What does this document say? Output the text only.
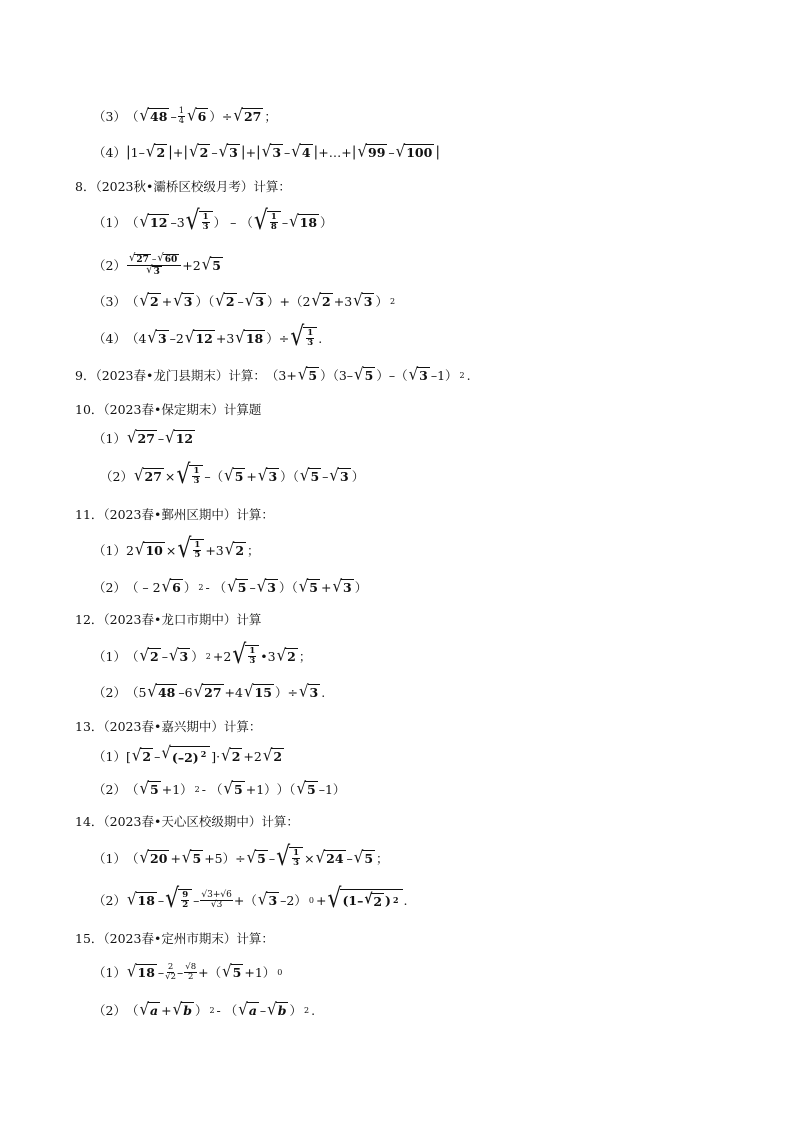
（3） （ √ $48 - \frac{1}{4}$ √ 6 ） ÷ √ 27 ；
（4） | 1– √ 2 | + | √ 2 – √ 3 | + | √ 3 – √ 4 | +…+ | √ 99 – √ 100 |
8．（2023秋•灞桥区校级月考）计算：
（1） （ √ 12 –3 √ $\frac{1}{3}$ ） – （ √ $\frac{1}{8}$ – √ 18 ）
$(2) \frac{√ 27 - √ 60}{√ 3} +2$ √ 5
（3） （ √ 2 + √ 3 ）（ √ 2 – √ 3 ）+（2 √ 2 +3 √ 3 ） 2
（4） （4 √ 3 –2 √ 12 +3 √ 18 ）÷ √ $\frac{1}{3}$ .
9．（2023春•龙门县期末）计算： （3+ √ 5 ）（3– √ 5 ）–（ √ 3 –1） 2 .
10．（2023春•保定期末）计算题
（1） √ 27 – √ 12
（2） √ 27 × √ $\frac{1}{3}$ –（ √ 5 + √ 3 ）（ √ 5 – √ 3 ）
11．（2023春•鄞州区期中）计算：
（1） 2 √ 10 × √ $\frac{1}{5} +3$ √ 2 ；
（2） （ – 2 √ 6 ） 2 - （ √ 5 – √ 3 ）（ √ 5 + √ 3 ）
12．（2023春•龙口市期中）计算
（1） （ √ 2 – √ 3 ） 2 +2 √ $\frac{1}{3}$ •3 √ 2 ；
（2） （5 √ 48 –6 √ 27 +4 √ 15 ）÷ √ 3 .
13．（2023春•嘉兴期中）计算：
（1） [ √ 2 – √ (–2) $^2$ ] · √ 2 +2 √ 2
（2） （ √ 5 +1） 2 - （ √ 5 +1） ）（ √ 5 –1）
14．（2023春•天心区校级期中）计算：
（1） （ √ 20 + √ 5 +5 ）÷ √ 5 – √ $\frac{1}{3}$ × √ 24 – √ 5 ；
（2） √ 18 – √ $\frac{9}{2} - \frac{√3+√6}{√3}$ +（ √ 3 –2） 0 + √ (1– √ 2 ) 2 .
15．（2023春•定州市期末）计算：
（1） √ $18 - \frac{2}{√2} - \frac{√8}{2}$ +（ √ 5 +1） 0
（2） （ √ a + √ b ） 2 - （ √ a – √ b ） 2 .
